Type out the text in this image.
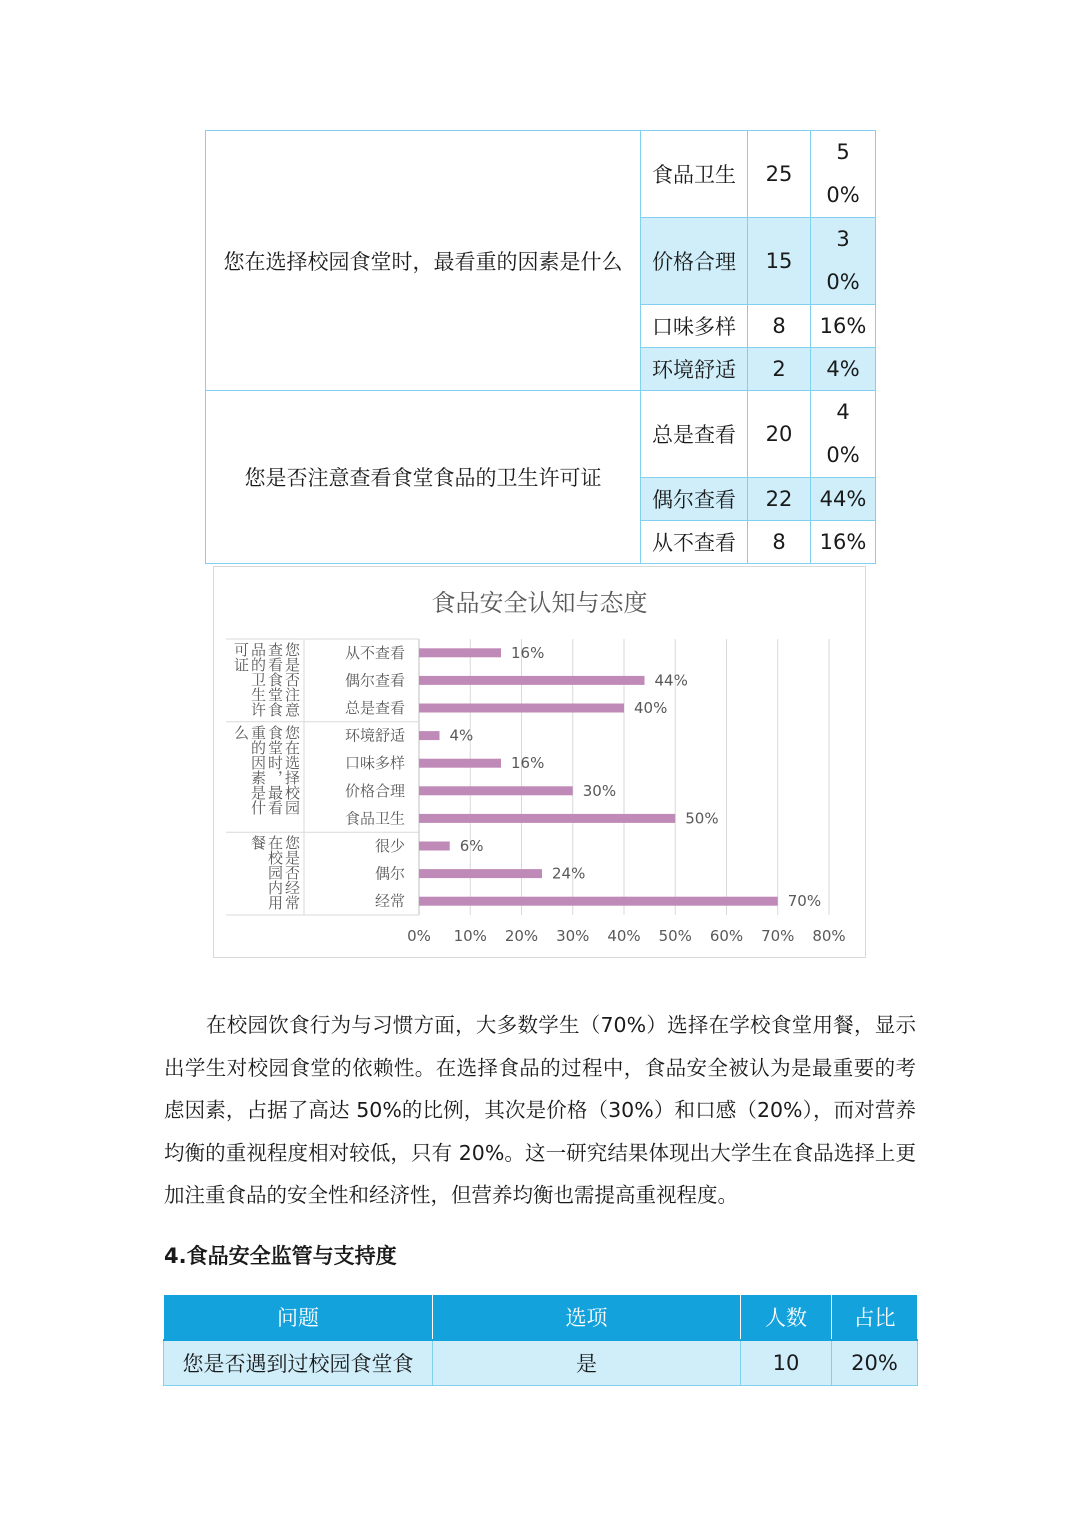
您在选择校园食堂时，最看重的因素是什么	食品卫生	25	50%
	价格合理	15	30%
	口味多样	8	16%
	环境舒适	2	4%
您是否注意查看食堂食品的卫生许可证	总是查看	20	40%
	偶尔查看	22	44%
	从不查看	8	16%
食品安全认知与态度
0% 10% 20% 30% 40% 50% 60% 70% 80%
从不查看	16%
偶尔查看	44%
总是查看	40%
环境舒适	4%
口味多样	16%
价格合理	30%
食品卫生	50%
很少	6%
偶尔	24%
经常	70%
您是否注意查看食堂食品的卫生许可证
您在选择校园食堂时，最看重的因素是什么
您是否经常在校园内用餐
在校园饮食行为与习惯方面，大多数学生（70%）选择在学校食堂用餐，显示出学生对校园食堂的依赖性。在选择食品的过程中，食品安全被认为是最重要的考虑因素，占据了高达 50%的比例，其次是价格（30%）和口感（20%），而对营养均衡的重视程度相对较低，只有 20%。这一研究结果体现出大学生在食品选择上更加注重食品的安全性和经济性，但营养均衡也需提高重视程度。
4.食品安全监管与支持度
问题	选项	人数	占比
您是否遇到过校园食堂食	是	10	20%
